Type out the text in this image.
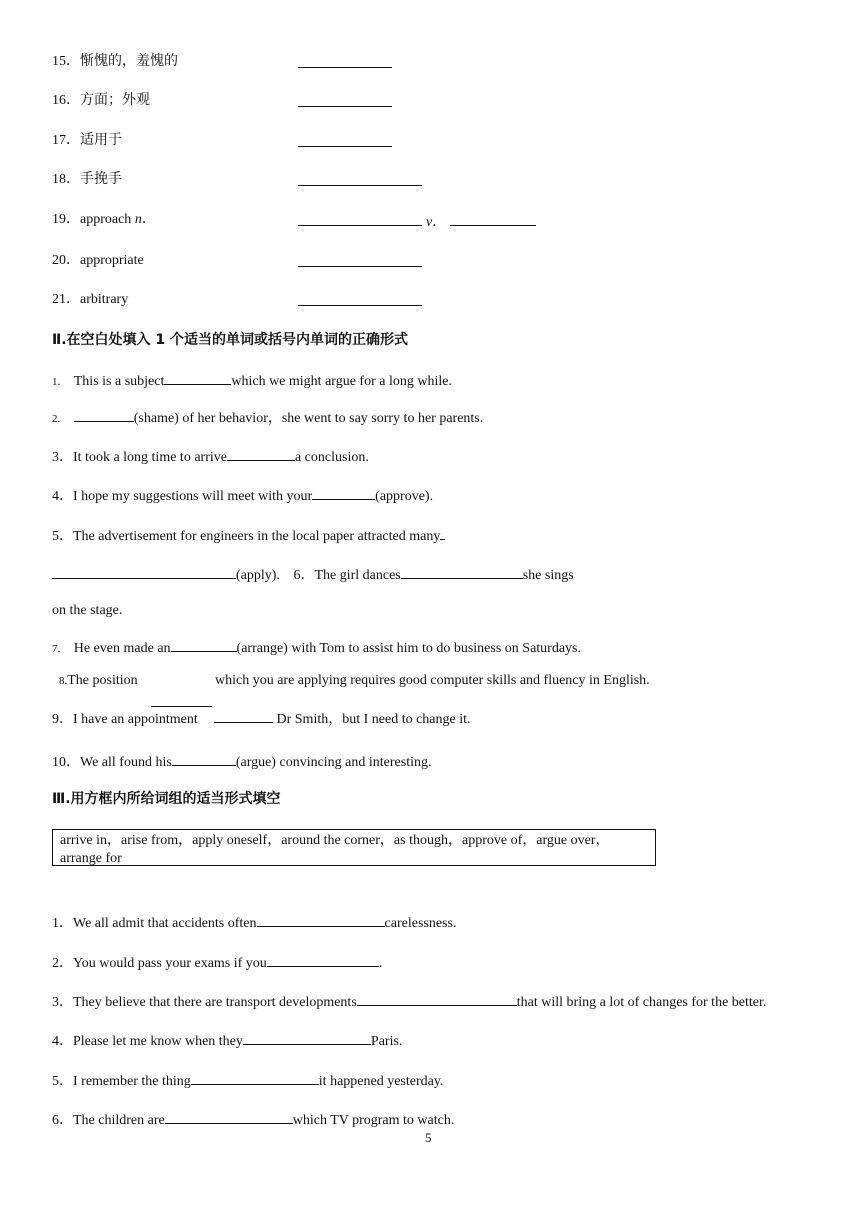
15．惭愧的，羞愧的
16．方面；外观
17．适用于
18．手挽手
19．approach n．	v．
20．appropriate
21．arbitrary
Ⅱ.在空白处填入 1 个适当的单词或括号内单词的正确形式
1. This is a subject	which we might argue for a long while.
2.	(shame) of her behavior，she went to say sorry to her parents.
3．It took a long time to arrive	a conclusion.
4．I hope my suggestions will meet with your	(approve).
5．The advertisement for engineers in the local paper attracted many
(apply). 6．The girl dances	she sings
on the stage.
7. He even made an	(arrange) with Tom to assist him to do business on Saturdays.
8.The position	which you are applying requires good computer skills and fluency in English.
9．I have an appointment	Dr Smith，but I need to change it.
10．We all found his	(argue) convincing and interesting.
Ⅲ.用方框内所给词组的适当形式填空
arrive in，arise from，apply oneself，around the corner，as though，approve of，argue over，arrange for
1．We all admit that accidents often	carelessness.
2．You would pass your exams if you	.
3．They believe that there are transport developments	that will bring a lot of changes for the better.
4．Please let me know when they	Paris.
5．I remember the thing	it happened yesterday.
6．The children are	which TV program to watch.
5
